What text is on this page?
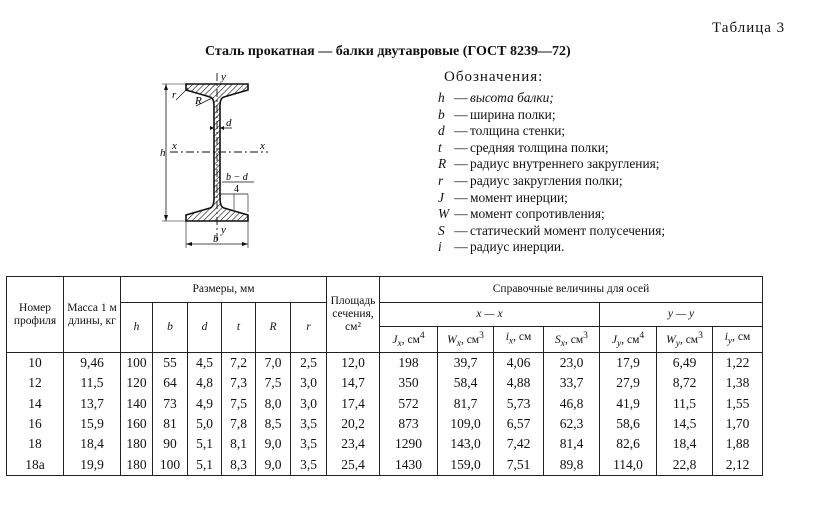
Таблица 3
Сталь прокатная — балки двутавровые (ГОСТ 8239—72)
y
y
x	x
r R
d
h
b
b − d
4
Обозначения:
h — высота балки;
b — ширина полки;
d — толщина стенки;
t — средняя толщина полки;
R — радиус внутреннего закругления;
r — радиус закругления полки;
J — момент инерции;
W — момент сопротивления;
S — статический момент полусечения;
i — радиус инерции.
Номер профиля	Масса 1 м длины, кг	Размеры, мм						Площадь сечения, см²	Справочные величины для осей						
		h	b	d	t	R	r		x — x				y — y		
									$J_x$, $см^4$	$W_x$, $см^3$	$i_x$, см	$S_x$, $см^3$	$J_y$, $см^4$	$W_y$, $см^3$	$i_y$, см
10	9,46	100	55	4,5	7,2	7,0	2,5	12,0	198	39,7	4,06	23,0	17,9	6,49	1,22
12	11,5	120	64	4,8	7,3	7,5	3,0	14,7	350	58,4	4,88	33,7	27,9	8,72	1,38
14	13,7	140	73	4,9	7,5	8,0	3,0	17,4	572	81,7	5,73	46,8	41,9	11,5	1,55
16	15,9	160	81	5,0	7,8	8,5	3,5	20,2	873	109,0	6,57	62,3	58,6	14,5	1,70
18	18,4	180	90	5,1	8,1	9,0	3,5	23,4	1290	143,0	7,42	81,4	82,6	18,4	1,88
18а	19,9	180	100	5,1	8,3	9,0	3,5	25,4	1430	159,0	7,51	89,8	114,0	22,8	2,12
